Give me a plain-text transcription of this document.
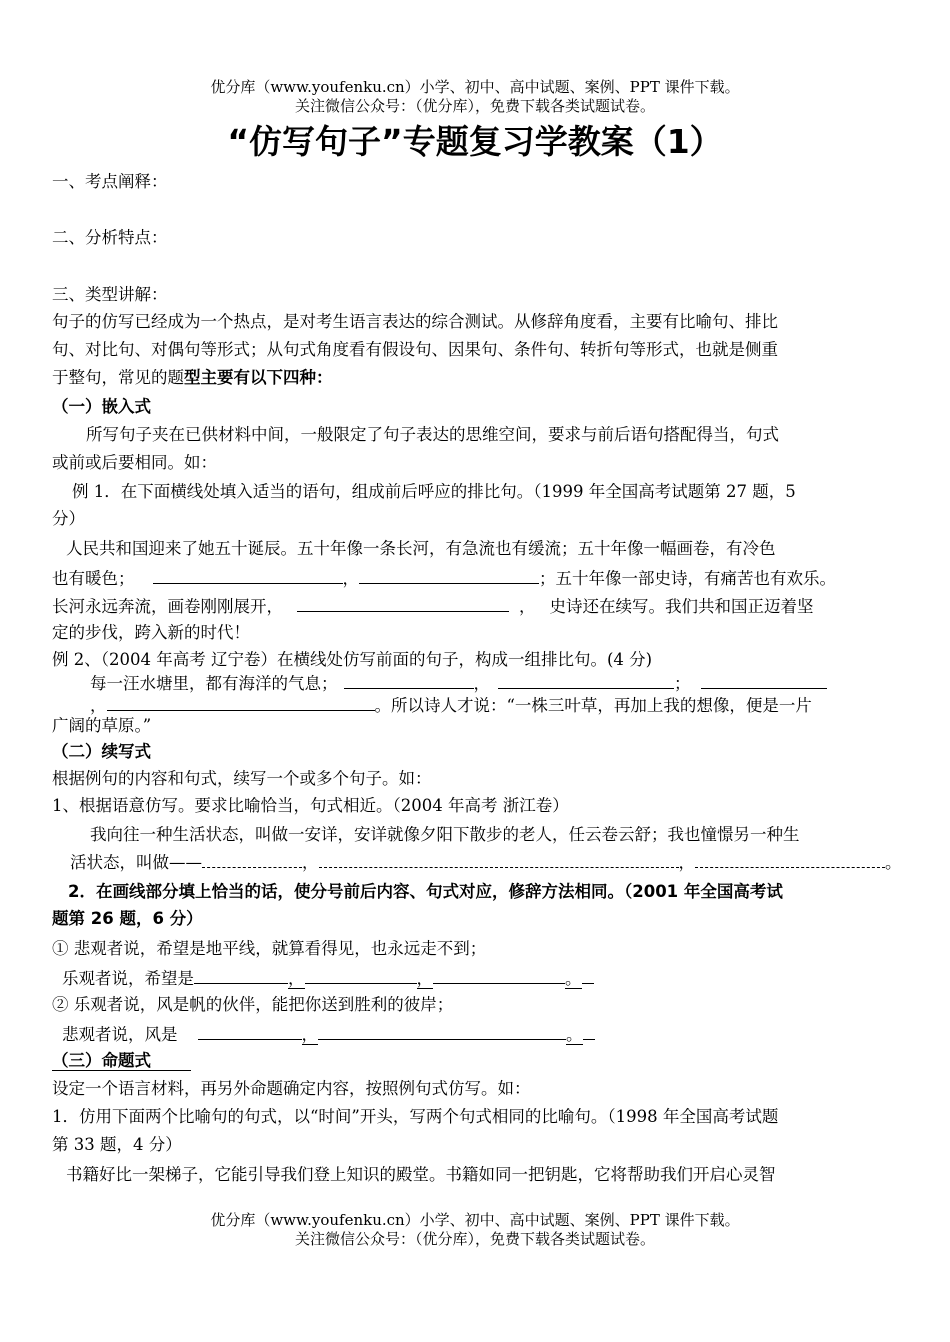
优分库（www.youfenku.cn）小学、初中、高中试题、案例、PPT 课件下载。
关注微信公众号：（优分库），免费下载各类试题试卷。
“仿写句子”专题复习学教案（1）
一、考点阐释：
二、分析特点：
三、类型讲解：
句子的仿写已经成为一个热点，是对考生语言表达的综合测试。从修辞角度看，主要有比喻句、排比
句、对比句、对偶句等形式；从句式角度看有假设句、因果句、条件句、转折句等形式，也就是侧重
于整句，常见的题型主要有以下四种：
（一）嵌入式
所写句子夹在已供材料中间，一般限定了句子表达的思维空间，要求与前后语句搭配得当，句式
或前或后要相同。如：
例 1．在下面横线处填入适当的语句，组成前后呼应的排比句。（1999 年全国高考试题第 27 题，5
分）
人民共和国迎来了她五十诞辰。五十年像一条长河，有急流也有缓流；五十年像一幅画卷，有冷色
也有暖色；	，	；五十年像一部史诗，有痛苦也有欢乐。
长河永远奔流，画卷刚刚展开，	， 史诗还在续写。我们共和国正迈着坚
定的步伐，跨入新的时代！
例 2、（2004 年高考 辽宁卷）在横线处仿写前面的句子，构成一组排比句。(4 分)
每一汪水塘里，都有海洋的气息；	，	；
，	。所以诗人才说：“一株三叶草，再加上我的想像，便是一片
广阔的草原。”
（二）续写式
根据例句的内容和句式，续写一个或多个句子。如：
1、根据语意仿写。要求比喻恰当，句式相近。（2004 年高考 浙江卷）
我向往一种生活状态，叫做一安详，安详就像夕阳下散步的老人，任云卷云舒；我也憧憬另一种生
活状态，叫做——	，	，	。
2．在画线部分填上恰当的话，使分号前后内容、句式对应，修辞方法相同。（2001 年全国高考试
题第 26 题，6 分）
① 悲观者说，希望是地平线，就算看得见，也永远走不到；
乐观者说，希望是	，	，	。
② 乐观者说，风是帆的伙伴，能把你送到胜利的彼岸；
悲观者说，风是	，	。
（三）命题式
设定一个语言材料，再另外命题确定内容，按照例句式仿写。如：
1．仿用下面两个比喻句的句式，以“时间”开头，写两个句式相同的比喻句。（1998 年全国高考试题
第 33 题，4 分）
书籍好比一架梯子，它能引导我们登上知识的殿堂。书籍如同一把钥匙，它将帮助我们开启心灵智
优分库（www.youfenku.cn）小学、初中、高中试题、案例、PPT 课件下载。
关注微信公众号：（优分库），免费下载各类试题试卷。
